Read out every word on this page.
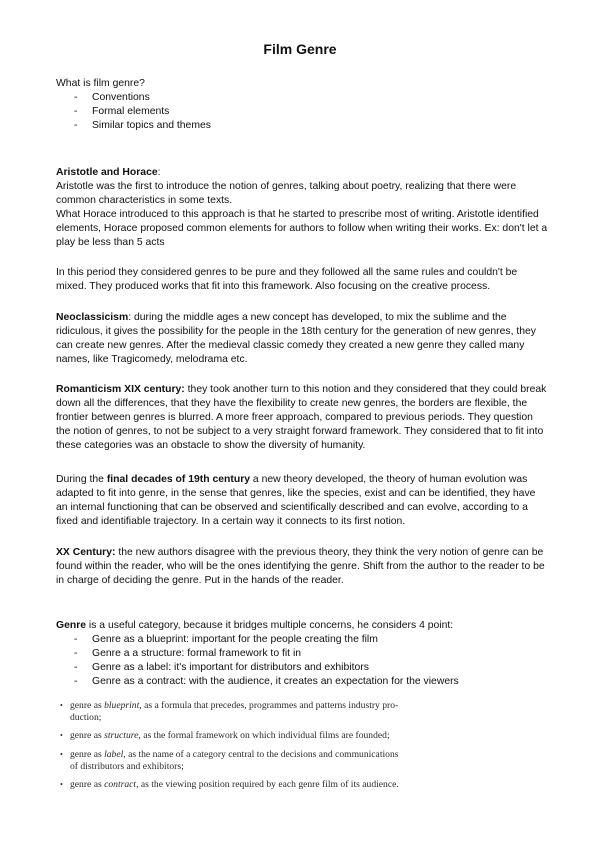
Film Genre

What is film genre?

- Conventions
- Formal elements
- Similar topics and themes

Aristotle and Horace:

Aristotle was the first to introduce the notion of genres, talking about poetry, realizing that there were common characteristics in some texts.

What Horace introduced to this approach is that he started to prescribe most of writing. Aristotle identified elements, Horace proposed common elements for authors to follow when writing their works. Ex: don't let a play be less than 5 acts

In this period they considered genres to be pure and they followed all the same rules and couldn't be mixed. They produced works that fit into this framework. Also focusing on the creative process.

Neoclassicism: during the middle ages a new concept has developed, to mix the sublime and the ridiculous, it gives the possibility for the people in the 18th century for the generation of new genres, they can create new genres. After the medieval classic comedy they created a new genre they called many names, like Tragicomedy, melodrama etc.

Romanticism XIX century: they took another turn to this notion and they considered that they could break down all the differences, that they have the flexibility to create new genres, the borders are flexible, the frontier between genres is blurred. A more freer approach, compared to previous periods. They question the notion of genres, to not be subject to a very straight forward framework. They considered that to fit into these categories was an obstacle to show the diversity of humanity.

During the final decades of 19th century a new theory developed, the theory of human evolution was adapted to fit into genre, in the sense that genres, like the species, exist and can be identified, they have an internal functioning that can be observed and scientifically described and can evolve, according to a fixed and identifiable trajectory. In a certain way it connects to its first notion.

XX Century: the new authors disagree with the previous theory, they think the very notion of genre can be found within the reader, who will be the ones identifying the genre. Shift from the author to the reader to be in charge of deciding the genre. Put in the hands of the reader.

Genre is a useful category, because it bridges multiple concerns, he considers 4 point:

- Genre as a blueprint: important for the people creating the film
- Genre a a structure: formal framework to fit in
- Genre as a label: it's important for distributors and exhibitors
- Genre as a contract: with the audience, it creates an expectation for the viewers
• genre as blueprint, as a formula that precedes, programmes and patterns industry pro-
duction;
• genre as structure, as the formal framework on which individual films are founded;
• genre as label, as the name of a category central to the decisions and communications
of distributors and exhibitors;
• genre as contract, as the viewing position required by each genre film of its audience.
